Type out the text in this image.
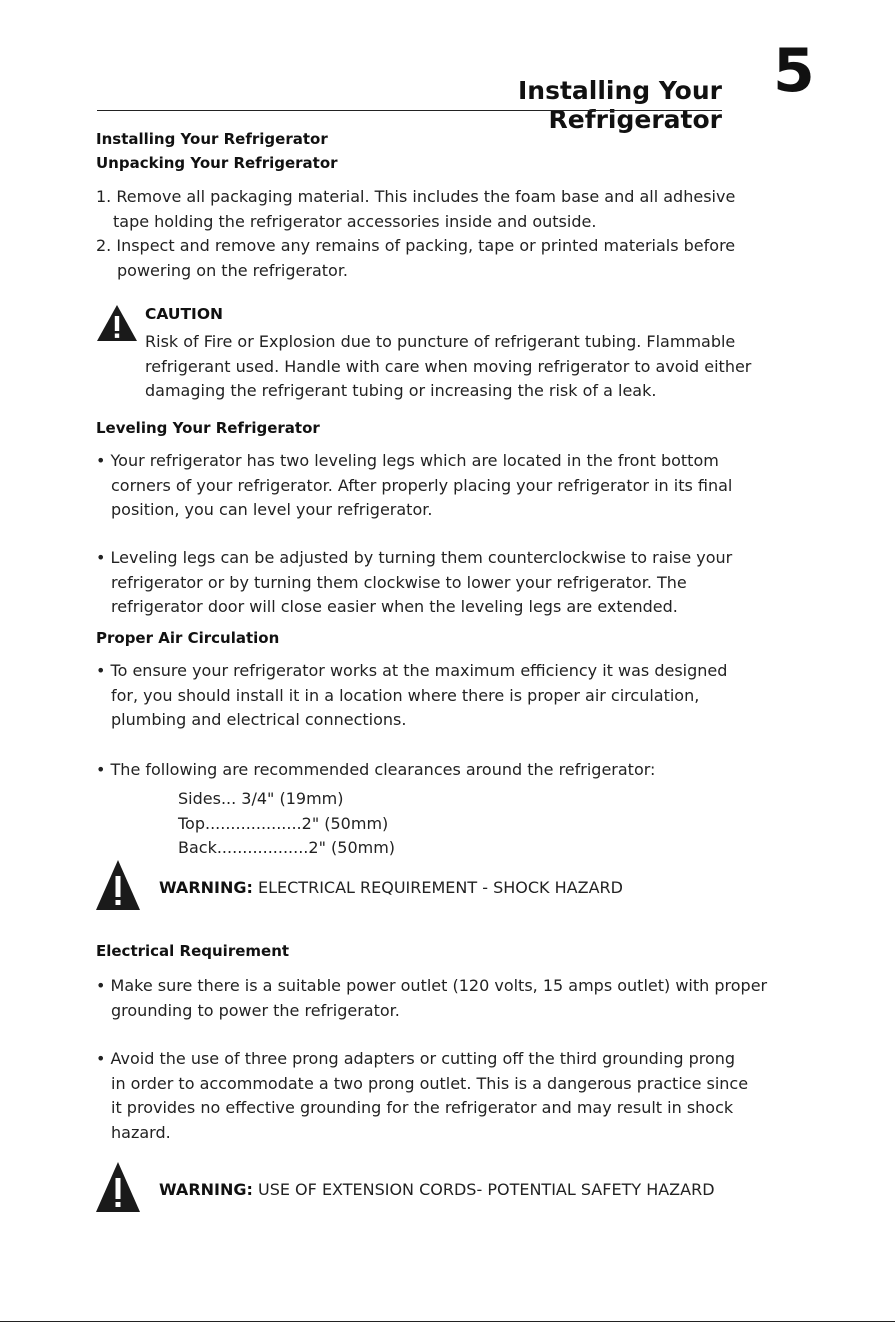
Installing Your Refrigerator
5
Installing Your Refrigerator
Unpacking Your Refrigerator
1. Remove all packaging material. This includes the foam base and all adhesive
tape holding the refrigerator accessories inside and outside.
2. Inspect and remove any remains of packing, tape or printed materials before
powering on the refrigerator.
CAUTION
Risk of Fire or Explosion due to puncture of refrigerant tubing. Flammable
refrigerant used. Handle with care when moving refrigerator to avoid either
damaging the refrigerant tubing or increasing the risk of a leak.
Leveling Your Refrigerator
• Your refrigerator has two leveling legs which are located in the front bottom
corners of your refrigerator. After properly placing your refrigerator in its final
position, you can level your refrigerator.
• Leveling legs can be adjusted by turning them counterclockwise to raise your
refrigerator or by turning them clockwise to lower your refrigerator. The
refrigerator door will close easier when the leveling legs are extended.
Proper Air Circulation
• To ensure your refrigerator works at the maximum efficiency it was designed
for, you should install it in a location where there is proper air circulation,
plumbing and electrical connections.
• The following are recommended clearances around the refrigerator:
Sides... 3/4" (19mm)
Top...................2" (50mm)
Back..................2" (50mm)
WARNING: ELECTRICAL REQUIREMENT - SHOCK HAZARD
Electrical Requirement
• Make sure there is a suitable power outlet (120 volts, 15 amps outlet) with proper
grounding to power the refrigerator.
• Avoid the use of three prong adapters or cutting off the third grounding prong
in order to accommodate a two prong outlet. This is a dangerous practice since
it provides no effective grounding for the refrigerator and may result in shock
hazard.
WARNING: USE OF EXTENSION CORDS- POTENTIAL SAFETY HAZARD
